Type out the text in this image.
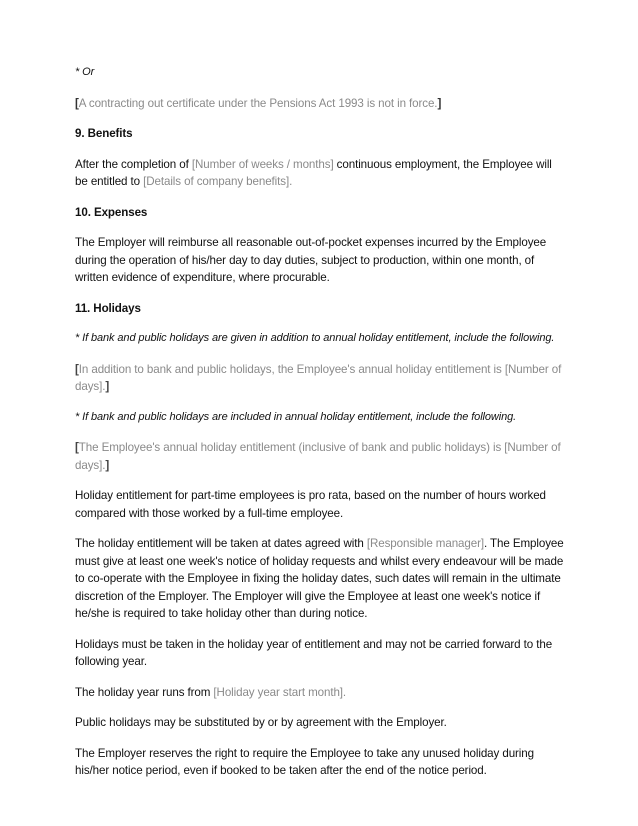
* Or

[A contracting out certificate under the Pensions Act 1993 is not in force.]

9. Benefits

After the completion of [Number of weeks / months] continuous employment, the Employee will be entitled to [Details of company benefits].

10. Expenses

The Employer will reimburse all reasonable out-of-pocket expenses incurred by the Employee during the operation of his/her day to day duties, subject to production, within one month, of written evidence of expenditure, where procurable.

11. Holidays

* If bank and public holidays are given in addition to annual holiday entitlement, include the following.

[In addition to bank and public holidays, the Employee's annual holiday entitlement is [Number of days].]

* If bank and public holidays are included in annual holiday entitlement, include the following.

[The Employee's annual holiday entitlement (inclusive of bank and public holidays) is [Number of days].]

Holiday entitlement for part-time employees is pro rata, based on the number of hours worked compared with those worked by a full-time employee.

The holiday entitlement will be taken at dates agreed with [Responsible manager]. The Employee must give at least one week's notice of holiday requests and whilst every endeavour will be made to co-operate with the Employee in fixing the holiday dates, such dates will remain in the ultimate discretion of the Employer. The Employer will give the Employee at least one week's notice if he/she is required to take holiday other than during notice.

Holidays must be taken in the holiday year of entitlement and may not be carried forward to the following year.

The holiday year runs from [Holiday year start month].

Public holidays may be substituted by or by agreement with the Employer.

The Employer reserves the right to require the Employee to take any unused holiday during his/her notice period, even if booked to be taken after the end of the notice period.
